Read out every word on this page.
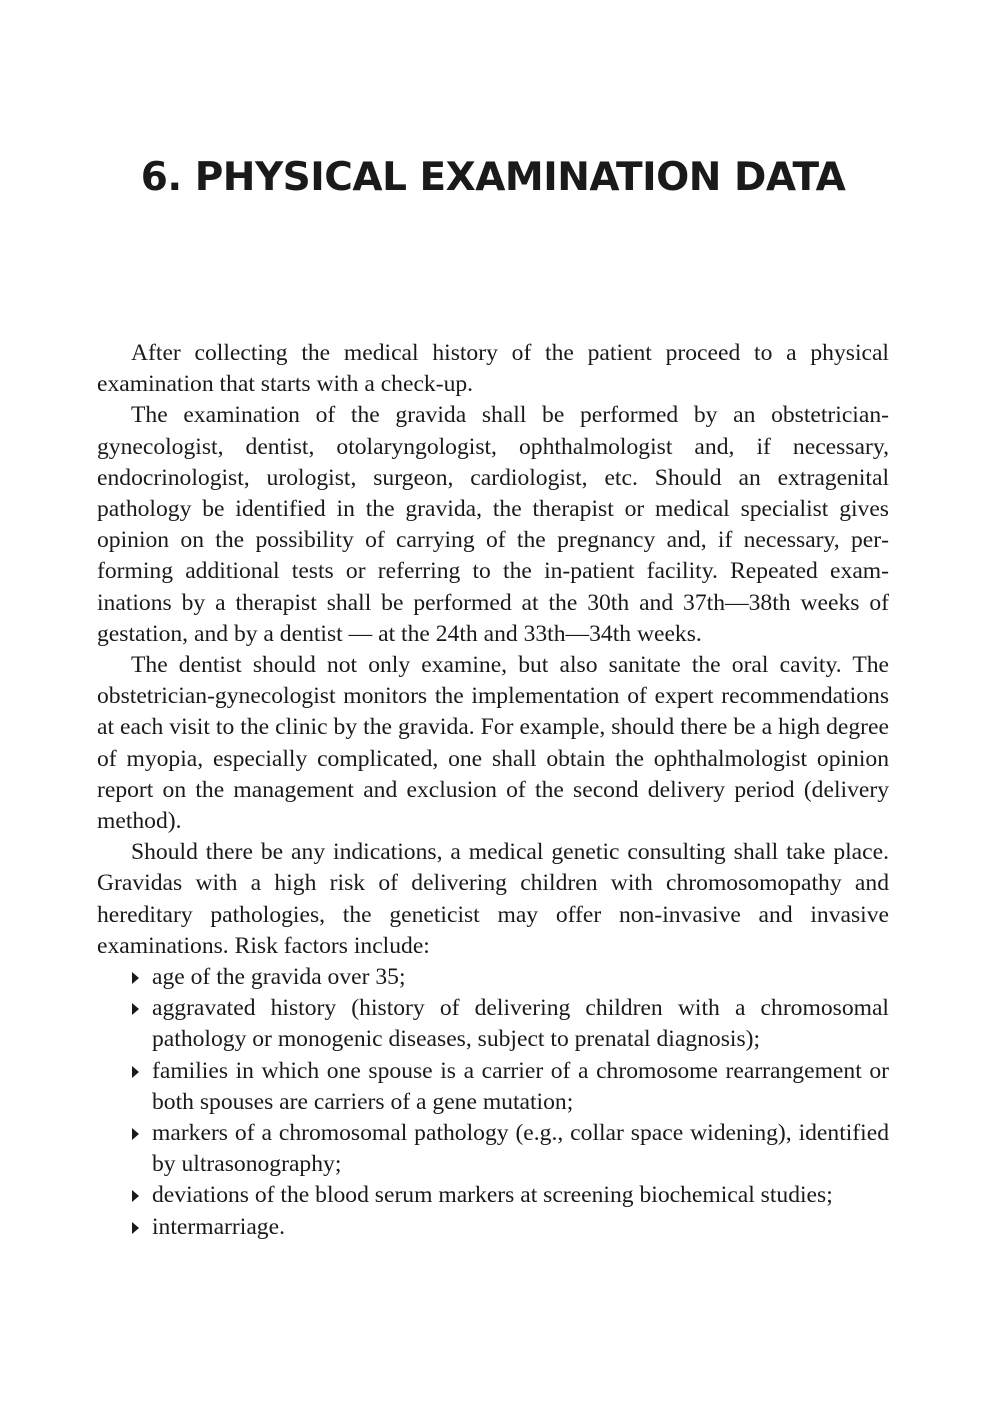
6. PHYSICAL EXAMINATION DATA

After collecting the medical history of the patient proceed to a physical examination that starts with a check-up.

The examination of the gravida shall be performed by an obstetrician-gynecologist, dentist, otolaryngologist, ophthalmologist and, if necessary, endocrinologist, urologist, surgeon, cardiologist, etc. Should an extragenital pathology be identified in the gravida, the therapist or medical specialist gives opinion on the possibility of carrying of the pregnancy and, if necessary, performing additional tests or referring to the in-patient facility. Repeated examinations by a therapist shall be performed at the 30th and 37th—38th weeks of gestation, and by a dentist — at the 24th and 33th—34th weeks.

The dentist should not only examine, but also sanitate the oral cavity. The obstetrician-gynecologist monitors the implementation of expert recommendations at each visit to the clinic by the gravida. For example, should there be a high degree of myopia, especially complicated, one shall obtain the ophthalmologist opinion report on the management and exclusion of the second delivery period (delivery method).

Should there be any indications, a medical genetic consulting shall take place. Gravidas with a high risk of delivering children with chromosomopathy and hereditary pathologies, the geneticist may offer non-invasive and invasive examinations. Risk factors include:

age of the gravida over 35;
aggravated history (history of delivering children with a chromosomal pathology or monogenic diseases, subject to prenatal diagnosis);
families in which one spouse is a carrier of a chromosome rearrangement or both spouses are carriers of a gene mutation;
markers of a chromosomal pathology (e.g., collar space widening), identified by ultrasonography;
deviations of the blood serum markers at screening biochemical studies;
intermarriage.
